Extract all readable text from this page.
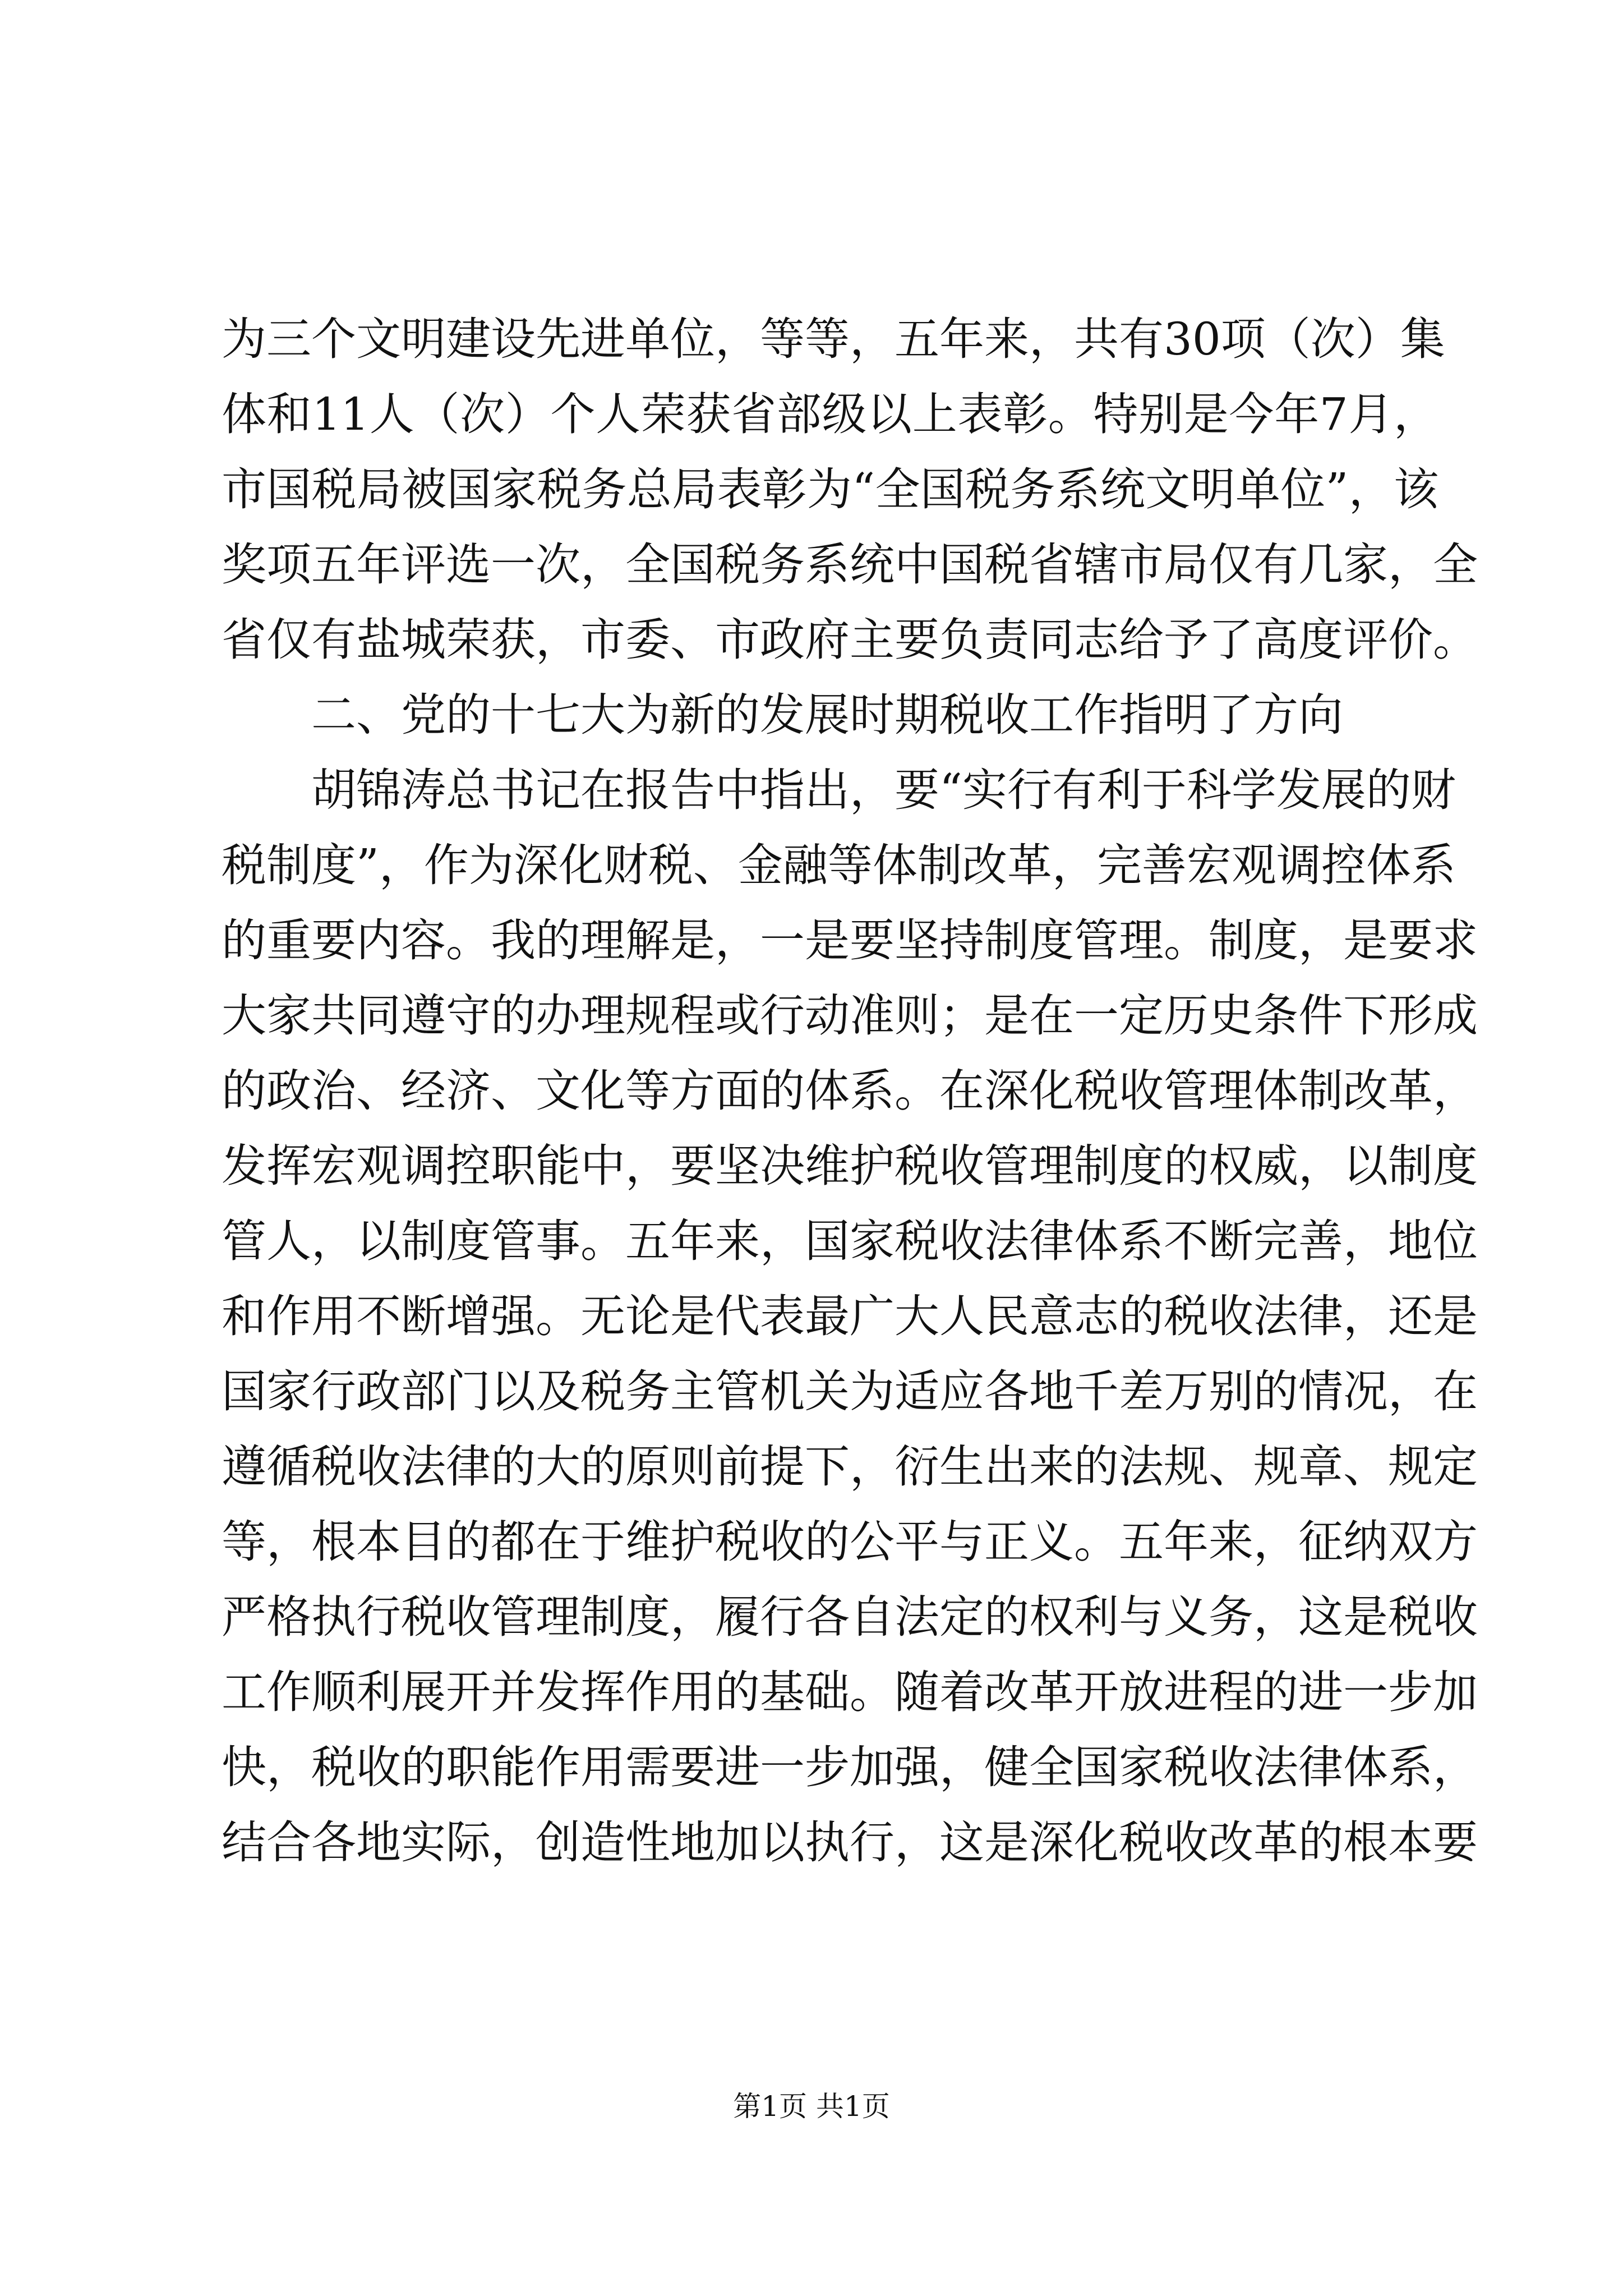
为三个文明建设先进单位，等等，五年来，共有30项（次）集
体和11人（次）个人荣获省部级以上表彰。特别是今年7月，
市国税局被国家税务总局表彰为“全国税务系统文明单位”，该
奖项五年评选一次，全国税务系统中国税省辖市局仅有几家，全
省仅有盐城荣获，市委、市政府主要负责同志给予了高度评价。
二、党的十七大为新的发展时期税收工作指明了方向
胡锦涛总书记在报告中指出，要“实行有利于科学发展的财
税制度”，作为深化财税、金融等体制改革，完善宏观调控体系
的重要内容。我的理解是，一是要坚持制度管理。制度，是要求
大家共同遵守的办理规程或行动准则；是在一定历史条件下形成
的政治、经济、文化等方面的体系。在深化税收管理体制改革，
发挥宏观调控职能中，要坚决维护税收管理制度的权威，以制度
管人，以制度管事。五年来，国家税收法律体系不断完善，地位
和作用不断增强。无论是代表最广大人民意志的税收法律，还是
国家行政部门以及税务主管机关为适应各地千差万别的情况，在
遵循税收法律的大的原则前提下，衍生出来的法规、规章、规定
等，根本目的都在于维护税收的公平与正义。五年来，征纳双方
严格执行税收管理制度，履行各自法定的权利与义务，这是税收
工作顺利展开并发挥作用的基础。随着改革开放进程的进一步加
快，税收的职能作用需要进一步加强，健全国家税收法律体系，
结合各地实际，创造性地加以执行，这是深化税收改革的根本要
第1页 共1页
